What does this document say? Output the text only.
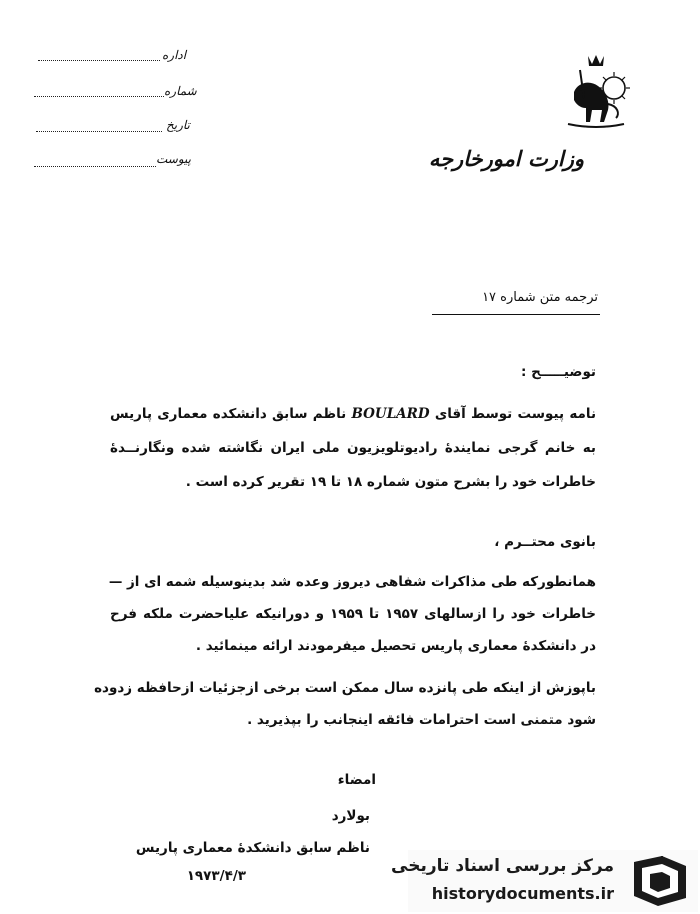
اداره
شماره
تاریخ
پیوست	وزارت امورخارجه
ترجمه متن شماره ۱۷
توضیـــــح :
نامه پیوست توسط آقای BOULARD ناظم سابق دانشکده معماری پاریس
به خانم گرجی نمایندۀ رادیوتلویزیون ملی ایران نگاشته شده ونگارنــدۀ
خاطرات خود را بشرح متون شماره ۱۸ تا ۱۹ تقریر کرده است .
بانوی محتــرم ،
همانطورکه طی مذاکرات شفاهی دیروز وعده شد بدینوسیله شمه ای از —
خاطرات خود را ازسالهای ۱۹۵۷ تا ۱۹۵۹ و دورانیکه علیاحضرت ملکه فرح
در دانشکدۀ معماری پاریس تحصیل میفرمودند ارائه مینمائید .
باپوزش از اینکه طی پانزده سال ممکن است برخی ازجزئیات ازحافظه زدوده
شود متمنی است احترامات فائقه اینجانب را بپذیرید .
امضاء
بولارد
ناظم سابق دانشکدۀ معماری پاریس
۱۹۷۳/۴/۳	مرکز بررسی اسناد تاریخی
historydocuments.ir
